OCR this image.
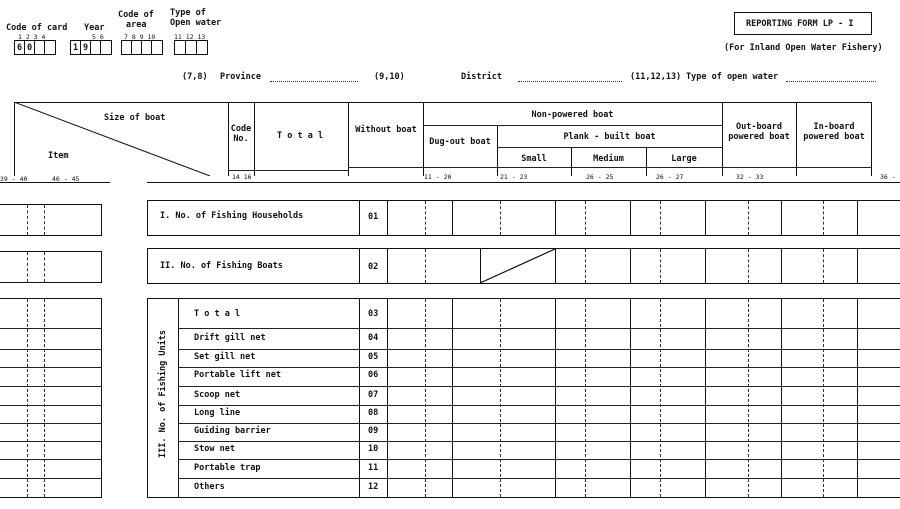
Code of card
1 2 3 4
6 0
Year
5 6
1 9
Code of
area
7 8 9 10
Type of
Open water
11 12 13
REPORTING FORM LP - I
(For Inland Open Water Fishery)
(7,8) Province	(9,10)	District	(11,12,13) Type of open water
Size of boat
Item
Code No.	T o t a l
Without boat
Non-powered boat
Dug-out boat	Plank - built boat
Small	Medium	Large
Out-board powered boat
In-board powered boat
39 - 40	46 - 45	14 16	11 - 20	21 - 23	26 - 25	26 - 27	32 - 33	36 -
I. No. of Fishing Households	01
II. No. of Fishing Boats	02
III. No. of Fishing Units
T o t a l	03
Drift gill net	04
Set gill net	05
Portable lift net	06
Scoop net	07
Long line	08
Guiding barrier	09
Stow net	10
Portable trap	11
Others	12
